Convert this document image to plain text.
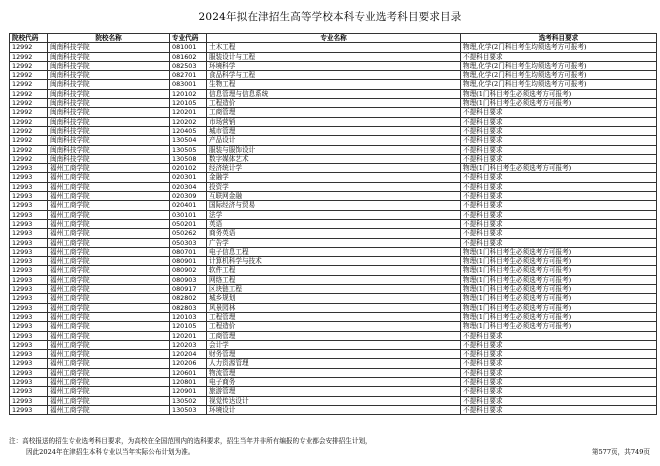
2024年拟在津招生高等学校本科专业选考科目要求目录
院校代码	院校名称	专业代码	专业名称	选考科目要求
12992	闽南科技学院	081001	土木工程	物理,化学(2门科目考生均须选考方可报考)
12992	闽南科技学院	081602	服装设计与工程	不提科目要求
12992	闽南科技学院	082503	环境科学	物理,化学(2门科目考生均须选考方可报考)
12992	闽南科技学院	082701	食品科学与工程	物理,化学(2门科目考生均须选考方可报考)
12992	闽南科技学院	083001	生物工程	物理,化学(2门科目考生均须选考方可报考)
12992	闽南科技学院	120102	信息管理与信息系统	物理(1门科目考生必须选考方可报考)
12992	闽南科技学院	120105	工程造价	物理(1门科目考生必须选考方可报考)
12992	闽南科技学院	120201	工商管理	不提科目要求
12992	闽南科技学院	120202	市场营销	不提科目要求
12992	闽南科技学院	120405	城市管理	不提科目要求
12992	闽南科技学院	130504	产品设计	不提科目要求
12992	闽南科技学院	130505	服装与服饰设计	不提科目要求
12992	闽南科技学院	130508	数字媒体艺术	不提科目要求
12993	福州工商学院	020102	经济统计学	物理(1门科目考生必须选考方可报考)
12993	福州工商学院	020301	金融学	不提科目要求
12993	福州工商学院	020304	投资学	不提科目要求
12993	福州工商学院	020309	互联网金融	不提科目要求
12993	福州工商学院	020401	国际经济与贸易	不提科目要求
12993	福州工商学院	030101	法学	不提科目要求
12993	福州工商学院	050201	英语	不提科目要求
12993	福州工商学院	050262	商务英语	不提科目要求
12993	福州工商学院	050303	广告学	不提科目要求
12993	福州工商学院	080701	电子信息工程	物理(1门科目考生必须选考方可报考)
12993	福州工商学院	080901	计算机科学与技术	物理(1门科目考生必须选考方可报考)
12993	福州工商学院	080902	软件工程	物理(1门科目考生必须选考方可报考)
12993	福州工商学院	080903	网络工程	物理(1门科目考生必须选考方可报考)
12993	福州工商学院	080917	区块链工程	物理(1门科目考生必须选考方可报考)
12993	福州工商学院	082802	城乡规划	物理(1门科目考生必须选考方可报考)
12993	福州工商学院	082803	风景园林	物理(1门科目考生必须选考方可报考)
12993	福州工商学院	120103	工程管理	物理(1门科目考生必须选考方可报考)
12993	福州工商学院	120105	工程造价	物理(1门科目考生必须选考方可报考)
12993	福州工商学院	120201	工商管理	不提科目要求
12993	福州工商学院	120203	会计学	不提科目要求
12993	福州工商学院	120204	财务管理	不提科目要求
12993	福州工商学院	120206	人力资源管理	不提科目要求
12993	福州工商学院	120601	物流管理	不提科目要求
12993	福州工商学院	120801	电子商务	不提科目要求
12993	福州工商学院	120901	旅游管理	不提科目要求
12993	福州工商学院	130502	视觉传达设计	不提科目要求
12993	福州工商学院	130503	环境设计	不提科目要求
注：高校报送的招生专业选考科目要求，为高校在全国范围内的选科要求，招生当年并非所有编报的专业都会安排招生计划，
因此2024年在津招生本科专业以当年实际公布计划为准。	第577页，共749页
